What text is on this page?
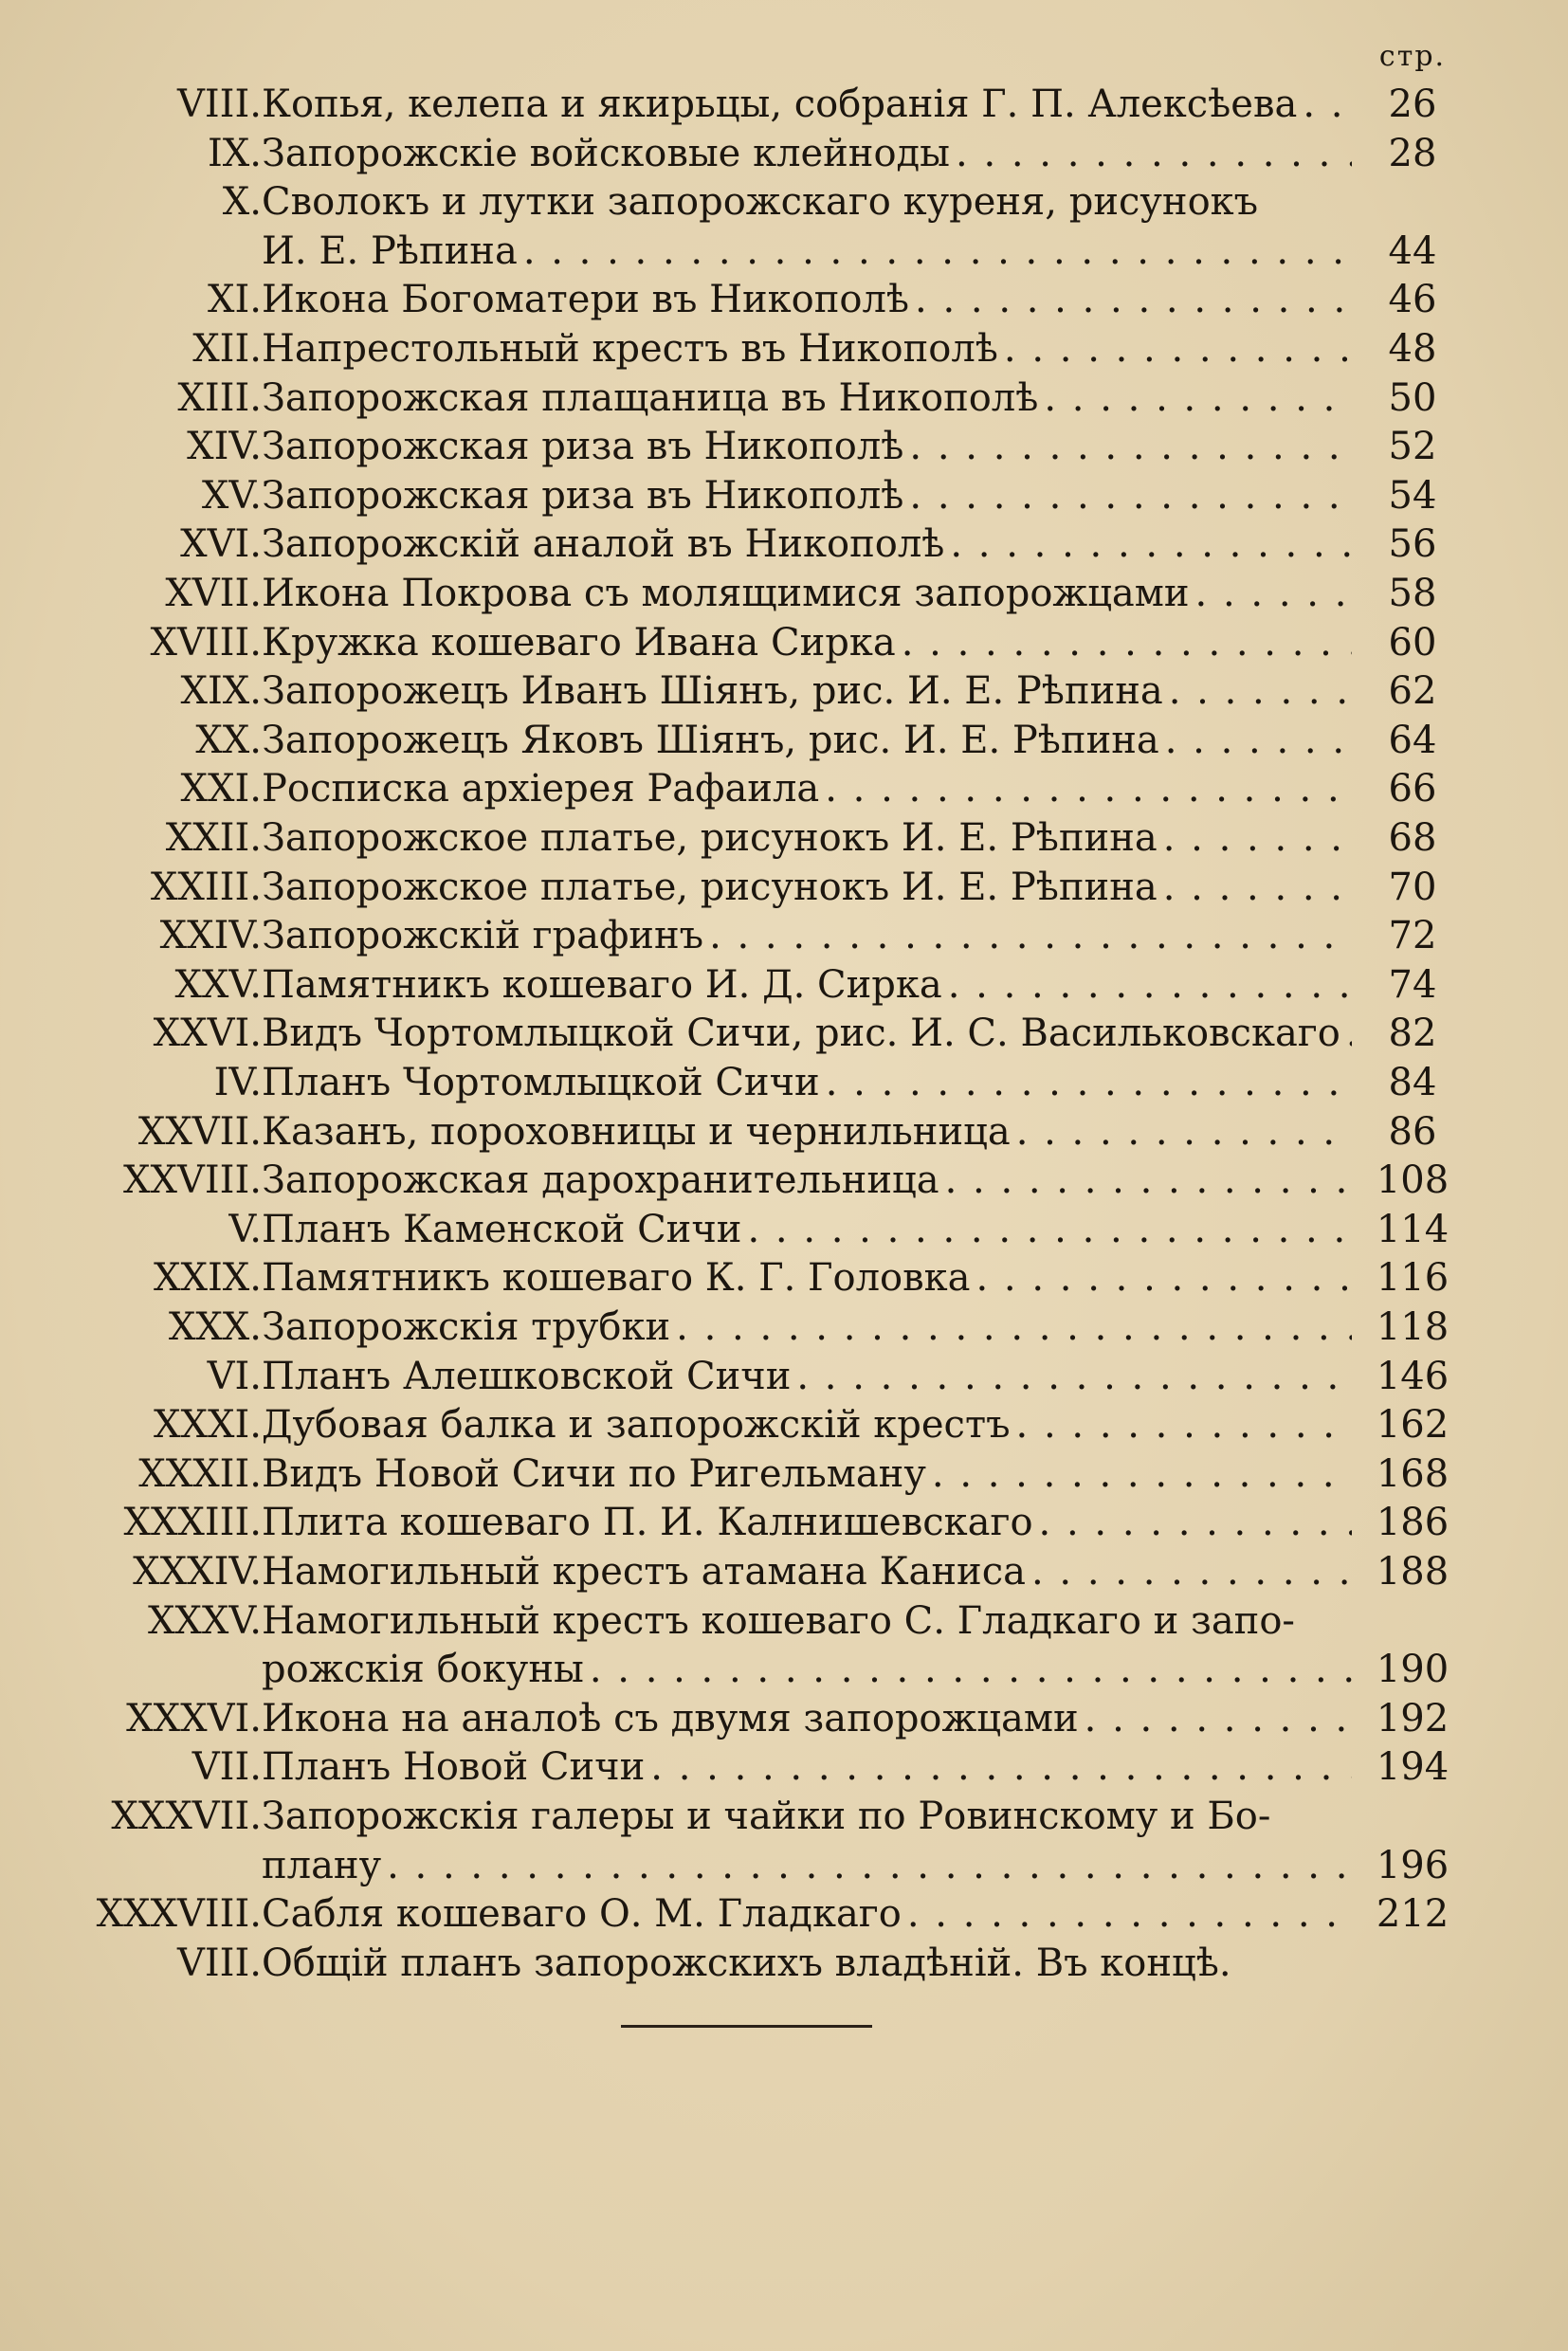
стр.
VIII. Копья, келепа и якирьцы, собранія Г. П. Алексѣева . . .	26
IX. Запорожскіе войсковые клейноды . . .	28
X. Сволокъ и лутки запорожскаго куреня, рисунокъ
И. Е. Рѣпина . . .	44
XI. Икона Богоматери въ Никополѣ . . .	46
XII. Напрестольный крестъ въ Никополѣ . . .	48
XIII. Запорожская плащаница въ Никополѣ . . .	50
XIV. Запорожская риза въ Никополѣ . . .	52
XV. Запорожская риза въ Никополѣ . . .	54
XVI. Запорожскій аналой въ Никополѣ . . .	56
XVII. Икона Покрова съ молящимися запорожцами . . .	58
XVIII. Кружка кошеваго Ивана Сирка . . .	60
XIX. Запорожецъ Иванъ Шіянъ, рис. И. Е. Рѣпина . . .	62
XX. Запорожецъ Яковъ Шіянъ, рис. И. Е. Рѣпина . . .	64
XXI. Росписка архіерея Рафаила . . .	66
XXII. Запорожское платье, рисунокъ И. Е. Рѣпина . . .	68
XXIII. Запорожское платье, рисунокъ И. Е. Рѣпина . . .	70
XXIV. Запорожскій графинъ . . .	72
XXV. Памятникъ кошеваго И. Д. Сирка . . .	74
XXVI. Видъ Чортомлыцкой Сичи, рис. И. С. Васильковскаго . . .	82
IV. Планъ Чортомлыцкой Сичи . . .	84
XXVII. Казанъ, пороховницы и чернильница . . .	86
XXVIII. Запорожская дарохранительница . . .	108
V. Планъ Каменской Сичи . . .	114
XXIX. Памятникъ кошеваго К. Г. Головка . . .	116
XXX. Запорожскія трубки . . .	118
VI. Планъ Алешковской Сичи . . .	146
XXXI. Дубовая балка и запорожскій крестъ . . .	162
XXXII. Видъ Новой Сичи по Ригельману . . .	168
XXXIII. Плита кошеваго П. И. Калнишевскаго . . .	186
XXXIV. Намогильный крестъ атамана Каниса . . .	188
XXXV. Намогильный крестъ кошеваго С. Гладкаго и запо-
рожскія бокуны . . .	190
XXXVI. Икона на аналоѣ съ двумя запорожцами . . .	192
VII. Планъ Новой Сичи . . .	194
XXXVII. Запорожскія галеры и чайки по Ровинскому и Бо-
плану . . .	196
XXXVIII. Сабля кошеваго О. М. Гладкаго . . .	212
VIII. Общій планъ запорожскихъ владѣній. Въ концѣ.
